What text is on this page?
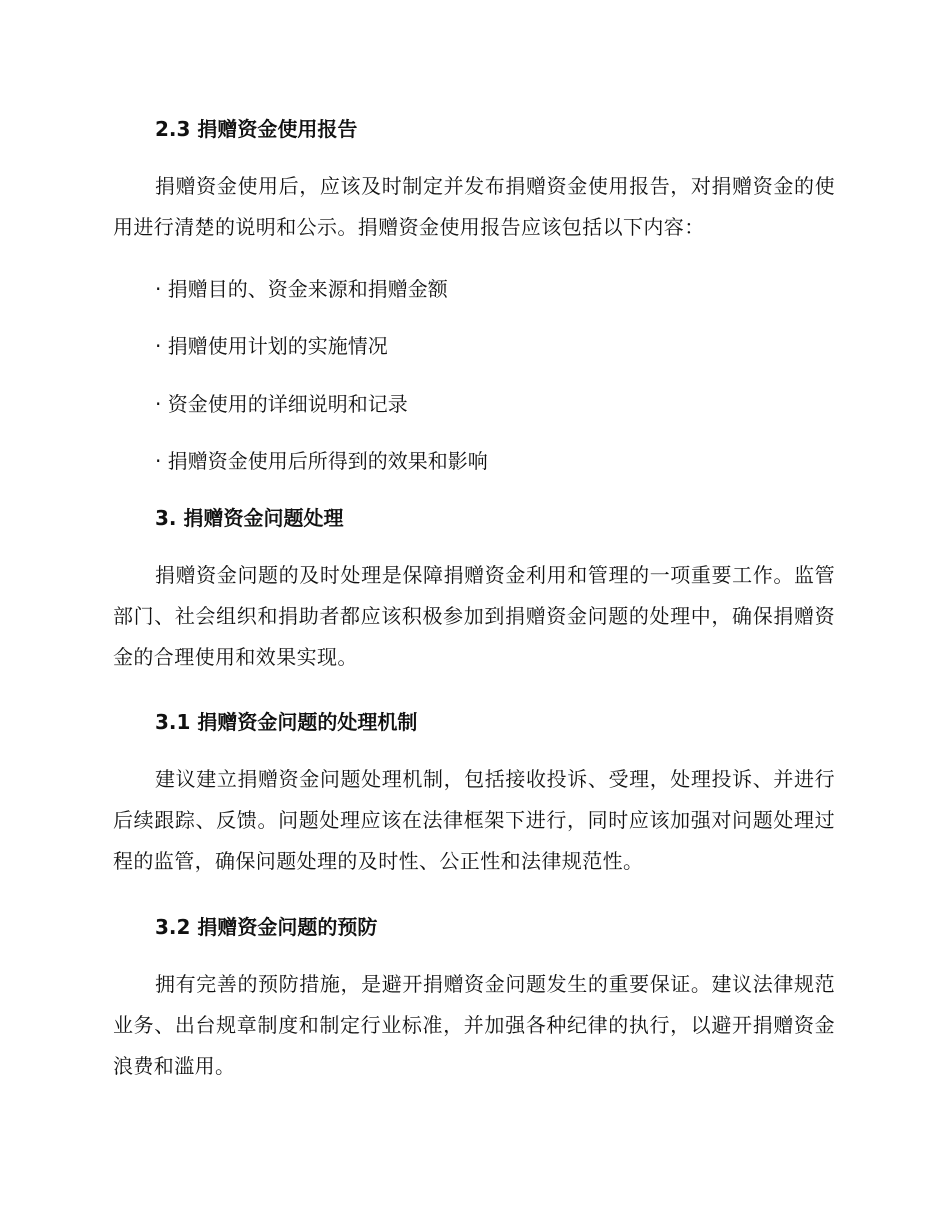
2.3 捐赠资金使用报告

捐赠资金使用后，应该及时制定并发布捐赠资金使用报告，对捐赠资金的使用进行清楚的说明和公示。捐赠资金使用报告应该包括以下内容：

· 捐赠目的、资金来源和捐赠金额

· 捐赠使用计划的实施情况

· 资金使用的详细说明和记录

· 捐赠资金使用后所得到的效果和影响

3. 捐赠资金问题处理

捐赠资金问题的及时处理是保障捐赠资金利用和管理的一项重要工作。监管部门、社会组织和捐助者都应该积极参加到捐赠资金问题的处理中，确保捐赠资金的合理使用和效果实现。

3.1 捐赠资金问题的处理机制

建议建立捐赠资金问题处理机制，包括接收投诉、受理，处理投诉、并进行后续跟踪、反馈。问题处理应该在法律框架下进行，同时应该加强对问题处理过程的监管，确保问题处理的及时性、公正性和法律规范性。

3.2 捐赠资金问题的预防

拥有完善的预防措施，是避开捐赠资金问题发生的重要保证。建议法律规范业务、出台规章制度和制定行业标准，并加强各种纪律的执行，以避开捐赠资金浪费和滥用。
